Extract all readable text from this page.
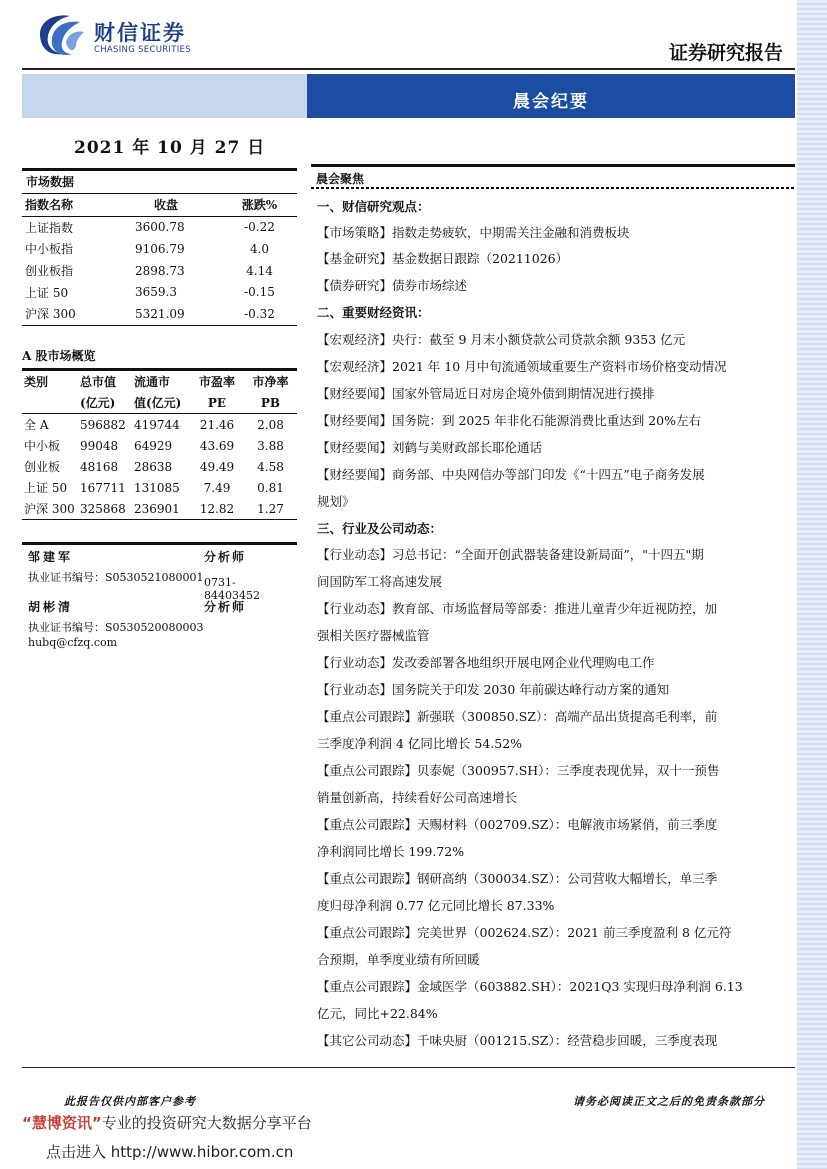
财信证券
CHASING SECURITIES	证券研究报告
晨会纪要
2021 年 10 月 27 日
市场数据
指数名称	收盘	涨跌%
上证指数	3600.78	-0.22
中小板指	9106.79	4.0
创业板指	2898.73	4.14
上证 50	3659.3	-0.15
沪深 300	5321.09	-0.32
A 股市场概览
类别	总市值	流通市	市盈率	市净率
	(亿元)	值(亿元)	PE	PB
全 A	596882	419744	21.46	2.08
中小板	99048	64929	43.69	3.88
创业板	48168	28638	49.49	4.58
上证 50	167711	131085	7.49	0.81
沪深 300	325868	236901	12.82	1.27
邹建军	分析师
执业证书编号：S0530521080001 0731-84403452
胡彬清	分析师
执业证书编号：S0530520080003
hubq@cfzq.com
晨会聚焦
一、财信研究观点：
【市场策略】指数走势疲软，中期需关注金融和消费板块
【基金研究】基金数据日跟踪（20211026）
【债券研究】债券市场综述
二、重要财经资讯：
【宏观经济】央行：截至 9 月末小额贷款公司贷款余额 9353 亿元
【宏观经济】2021 年 10 月中旬流通领域重要生产资料市场价格变动情况
【财经要闻】国家外管局近日对房企境外债到期情况进行摸排
【财经要闻】国务院：到 2025 年非化石能源消费比重达到 20%左右
【财经要闻】刘鹤与美财政部长耶伦通话
【财经要闻】商务部、中央网信办等部门印发《“十四五”电子商务发展
规划》
三、行业及公司动态：
【行业动态】习总书记：“全面开创武器装备建设新局面”，"十四五"期
间国防军工将高速发展
【行业动态】教育部、市场监督局等部委：推进儿童青少年近视防控，加
强相关医疗器械监管
【行业动态】发改委部署各地组织开展电网企业代理购电工作
【行业动态】国务院关于印发 2030 年前碳达峰行动方案的通知
【重点公司跟踪】新强联（300850.SZ）：高端产品出货提高毛利率，前
三季度净利润 4 亿同比增长 54.52%
【重点公司跟踪】贝泰妮（300957.SH）：三季度表现优异，双十一预售
销量创新高，持续看好公司高速增长
【重点公司跟踪】天赐材料（002709.SZ）：电解液市场紧俏，前三季度
净利润同比增长 199.72%
【重点公司跟踪】钢研高纳（300034.SZ）：公司营收大幅增长，单三季
度归母净利润 0.77 亿元同比增长 87.33%
【重点公司跟踪】完美世界（002624.SZ）：2021 前三季度盈利 8 亿元符
合预期，单季度业绩有所回暖
【重点公司跟踪】金域医学（603882.SH）：2021Q3 实现归母净利润 6.13
亿元，同比+22.84%
【其它公司动态】千味央厨（001215.SZ）：经营稳步回暖，三季度表现
此报告仅供内部客户参考	请务必阅读正文之后的免责条款部分
“慧博资讯”专业的投资研究大数据分享平台
点击进入 http://www.hibor.com.cn
